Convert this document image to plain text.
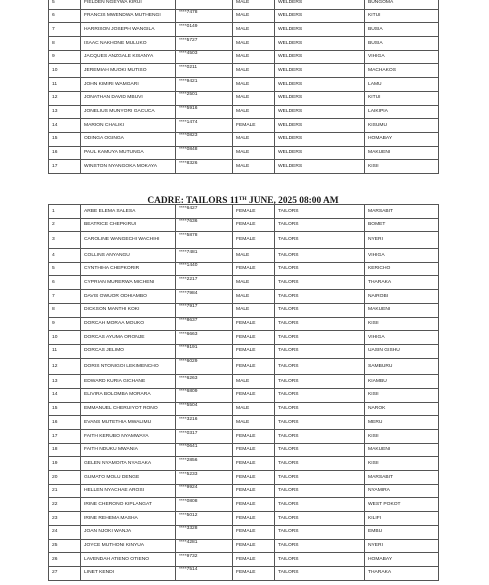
5	FIELDEN NGEYWA KIRUI		MALE	WELDERS	BUNGOMA
6	FRANCIS MWENDWA MUTHENGI	****7478	MALE	WELDERS	KITUI
7	HARRISON JOSEPH WANGILA	****0149	MALE	WELDERS	BUSIA
8	ISAAC NAKHONE MULUKO	****5727	MALE	WELDERS	BUSIA
9	JACQUES ANZGALE KISANYA	****4503	MALE	WELDERS	VIHIGA
10	JEREMIAH MUOKI MUTISO	****0211	MALE	WELDERS	MACHAKOS
11	JOHN KIMIRI WAMGARI	****9421	MALE	WELDERS	LAMU
12	JONATHAN DAVID MBUVI	****2501	MALE	WELDERS	KITUI
13	JONELIUS MUNYORI GACUCA	****5916	MALE	WELDERS	LAIKIPIA
14	MARION CHALIKI	****1474	FEMALE	WELDERS	KISUMU
15	ODINGA OGINGA	****0823	MALE	WELDERS	HOMABAY
16	PAUL KAMUYA MUTUNGA	****0848	MALE	WELDERS	MAKUENI
17	WINSTON NYANGOKA MOKAYA	****8326	MALE	WELDERS	KISII
CADRE: TAILORS 11TH JUNE, 2025 08:00 AM
1	ARBE ELEMA SALESA	****6427	FEMALE	TAILORS	MARSABIT
2	BEATRICE CHEPKIRUI	****7636	FEMALE	TAILORS	BOMET
3	CAROLINE WANGECHI WACHIHI	****5878	FEMALE	TAILORS	NYERI
4	COLLINS ANYANGU	****7481	MALE	TAILORS	VIHIGA
5	CYNTHIHA CHEPKORIR	****1440	FEMALE	TAILORS	KERICHO
6	CYPRIAN MURERWA MICHENI	****2217	MALE	TAILORS	THARAKA
7	DAVIS OWUOR ODHIAMBO	****7984	MALE	TAILORS	NAIROBI
8	DICKSON MANTHI KOKI	****7917	MALE	TAILORS	MAKUENI
9	DORCAH MORAA MOUKO	****8637	FEMALE	TAILORS	KISII
10	DORCAS AYUMA ORONJE	****6663	FEMALE	TAILORS	VIHIGA
11	DORCAS JELIMO	****9191	FEMALE	TAILORS	UASIN GISHU
12	DORIS NTONIGOI LEKIMENCHO	****6029	FEMALE	TAILORS	SAMBURU
13	EDWARD KURIA GICHANE	****6263	MALE	TAILORS	KIAMBU
14	ELIVIRA BOLOMBA MORARA	****6809	FEMALE	TAILORS	KISII
15	EMMANUEL CHERUIYOT RONO	****5504	MALE	TAILORS	NAROK
16	EVANS MUTETHIA MWALIMU	****3216	MALE	TAILORS	MERU
17	FAITH KERUBO NYAMWAYA	****0317	FEMALE	TAILORS	KISII
18	FAITH NDUKU MWANIA	****0641	FEMALE	TAILORS	MAKUENI
19	GELEN NYAMOITA NYAGAKA	****2856	FEMALE	TAILORS	KISII
20	GUMATO MOLU DENGE	****5233	FEMALE	TAILORS	MARSABIT
21	HELLEN NYACHAE AROSI	****9924	FEMALE	TAILORS	NYAMIRA
22	IRINE CHERONO KIPLANGAT	****0808	FEMALE	TAILORS	WEST POKOT
23	IRINE REHEMA MASHA	****5012	FEMALE	TAILORS	KILIFI
24	JOAN NJOKI WANJA	****3328	FEMALE	TAILORS	EMBU
25	JOYCE MUTHONI KINYUA	****4281	FEMALE	TAILORS	NYERI
26	LAVENDAH ATIENO OTIENO	****9732	FEMALE	TAILORS	HOMABAY
27	LINET KENDI	****7514	FEMALE	TAILORS	THARAKA
